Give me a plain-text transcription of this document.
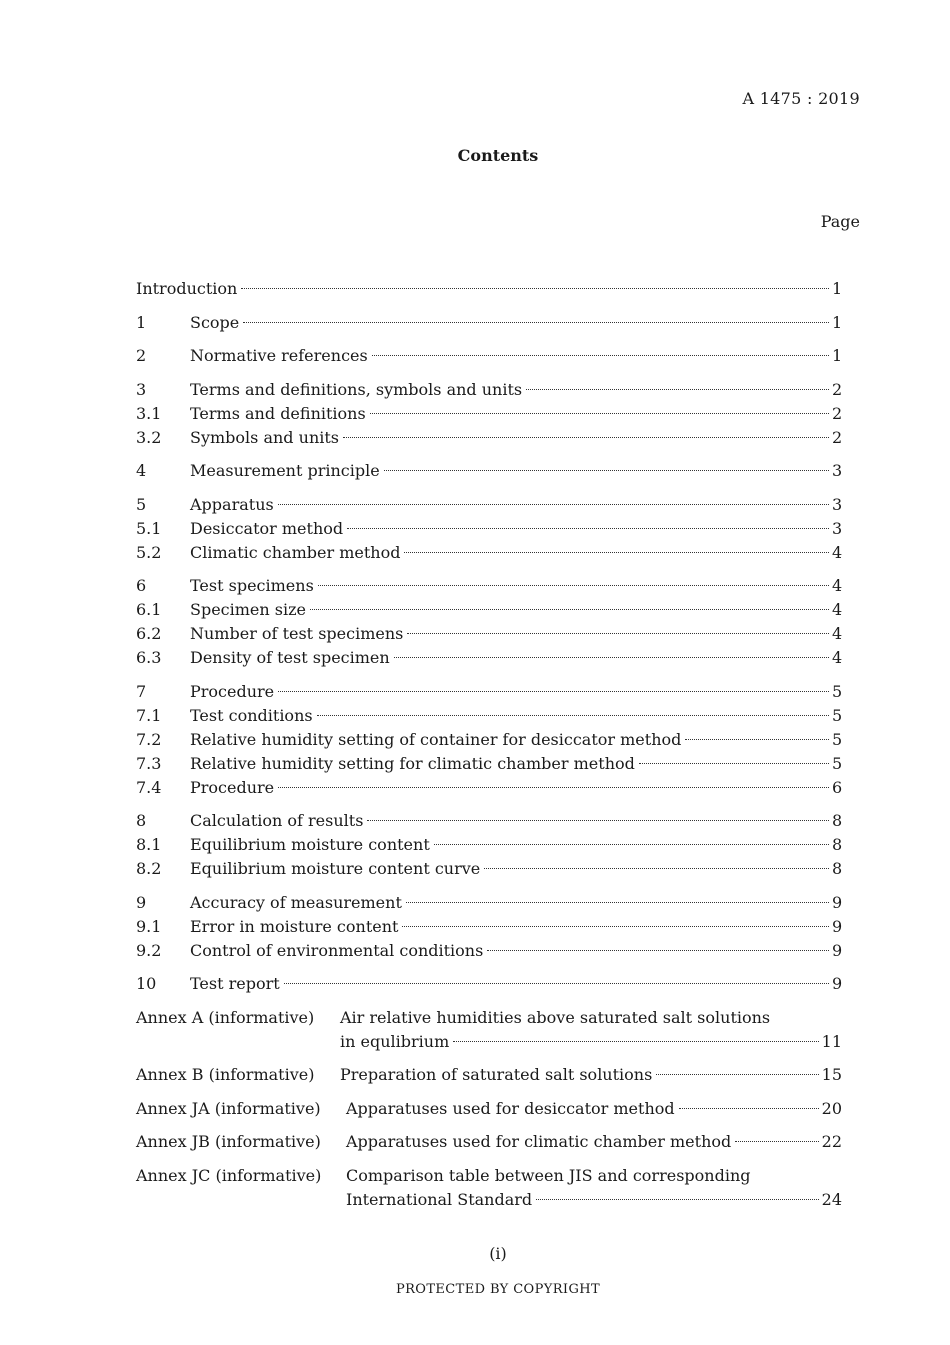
A 1475 : 2019
Contents
Page
Introduction	1
1	Scope	1
2	Normative references	1
3	Terms and definitions, symbols and units	2
3.1	Terms and definitions	2
3.2	Symbols and units	2
4	Measurement principle	3
5	Apparatus	3
5.1	Desiccator method	3
5.2	Climatic chamber method	4
6	Test specimens	4
6.1	Specimen size	4
6.2	Number of test specimens	4
6.3	Density of test specimen	4
7	Procedure	5
7.1	Test conditions	5
7.2	Relative humidity setting of container for desiccator method	5
7.3	Relative humidity setting for climatic chamber method	5
7.4	Procedure	6
8	Calculation of results	8
8.1	Equilibrium moisture content	8
8.2	Equilibrium moisture content curve	8
9	Accuracy of measurement	9
9.1	Error in moisture content	9
9.2	Control of environmental conditions	9
10	Test report	9
Annex A (informative)	Air relative humidities above saturated salt solutions
in equlibrium	11
Annex B (informative)	Preparation of saturated salt solutions	15
Annex JA (informative)	Apparatuses used for desiccator method	20
Annex JB (informative)	Apparatuses used for climatic chamber method	22
Annex JC (informative)	Comparison table between JIS and corresponding
International Standard	24
(i)
PROTECTED BY COPYRIGHT
